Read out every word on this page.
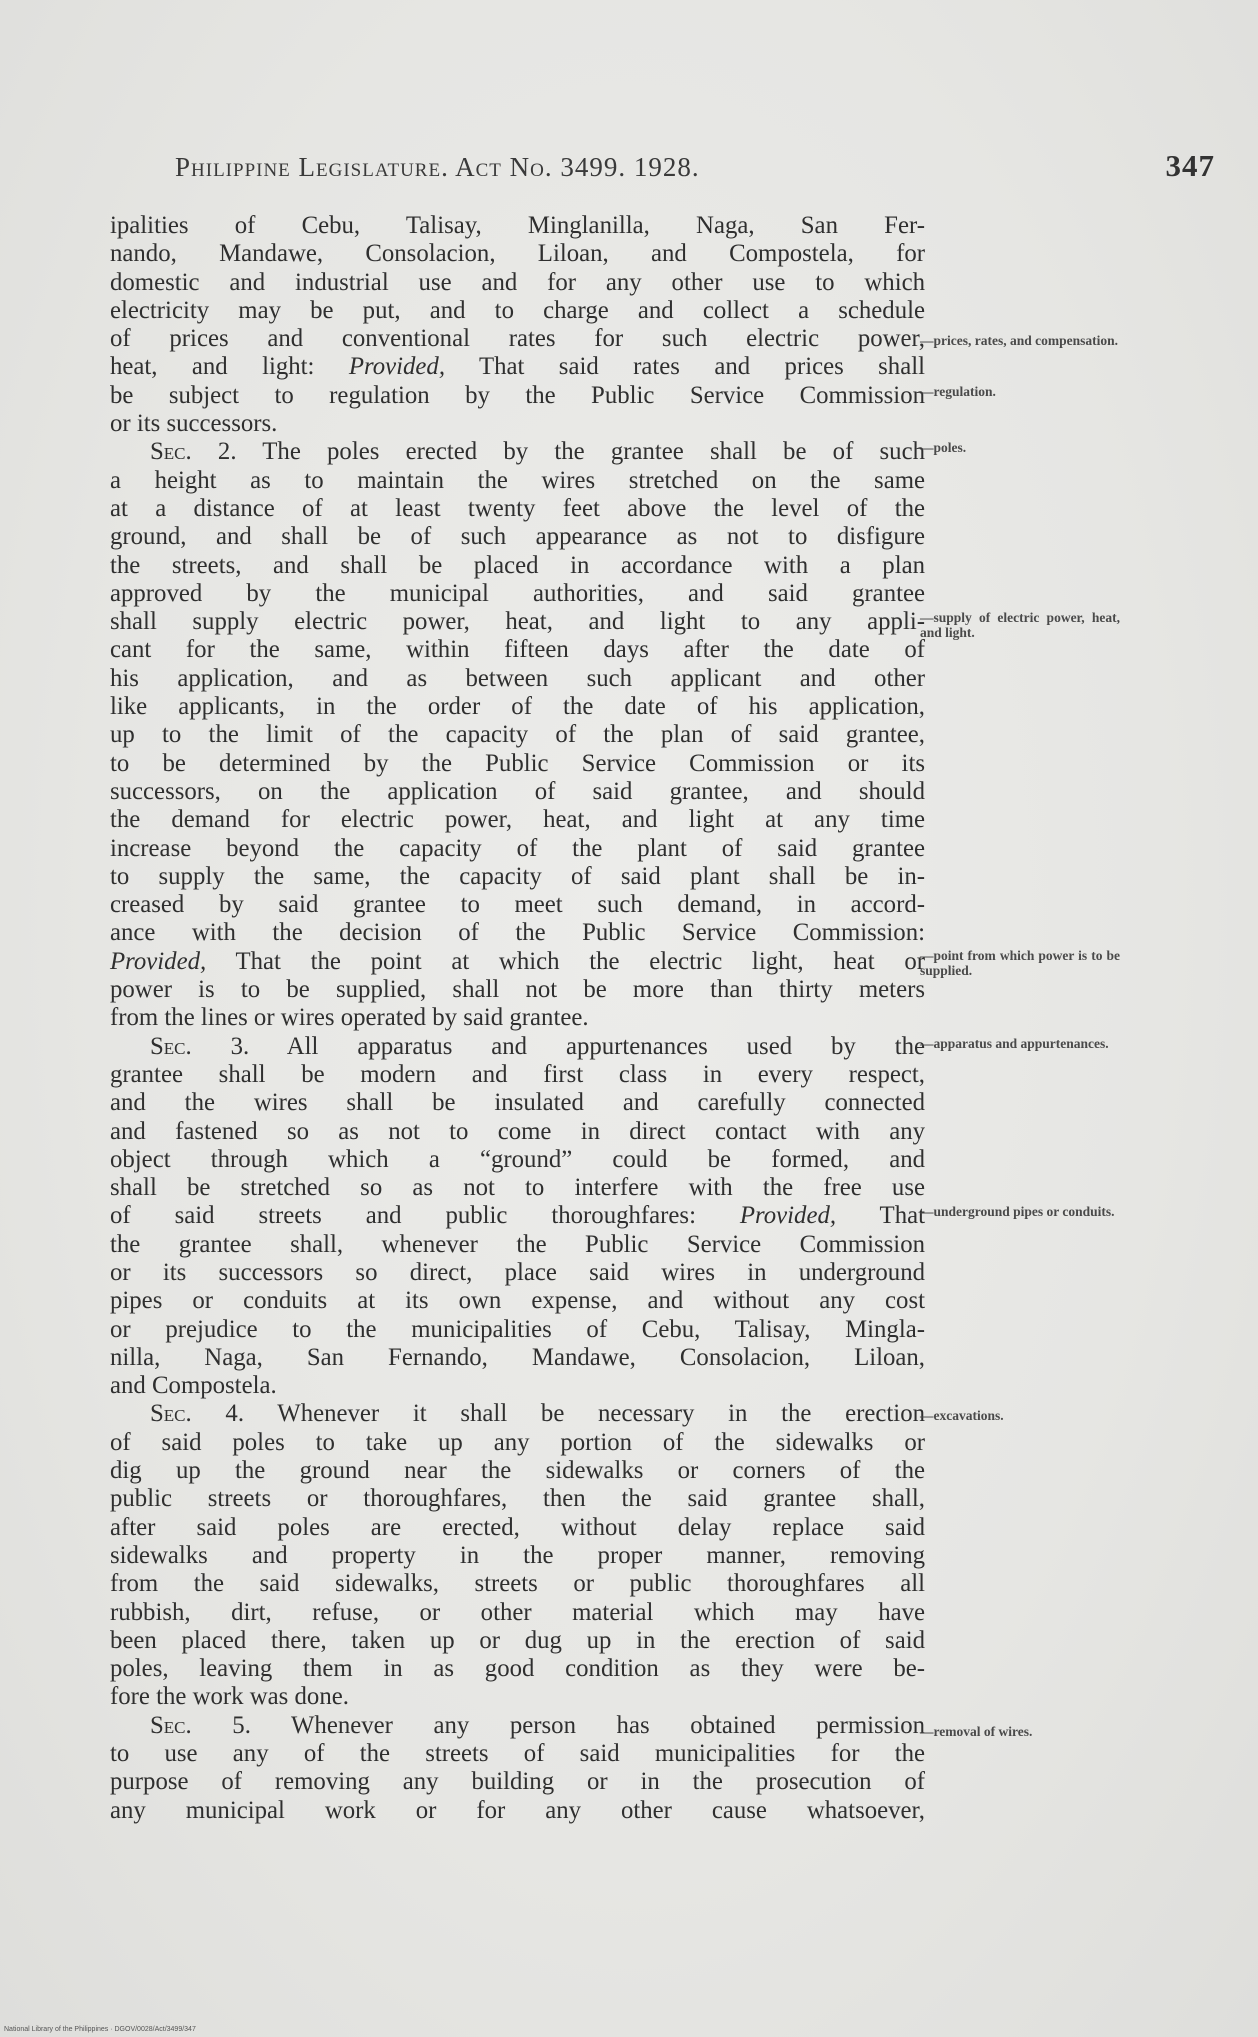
Philippine Legislature. Act No. 3499. 1928.	347
ipalities of Cebu, Talisay, Minglanilla, Naga, San Fer-
nando, Mandawe, Consolacion, Liloan, and Compostela, for
domestic and industrial use and for any other use to which
electricity may be put, and to charge and collect a schedule
of prices and conventional rates for such electric power,
heat, and light: Provided, That said rates and prices shall
be subject to regulation by the Public Service Commission
or its successors.
Sec. 2. The poles erected by the grantee shall be of such
a height as to maintain the wires stretched on the same
at a distance of at least twenty feet above the level of the
ground, and shall be of such appearance as not to disfigure
the streets, and shall be placed in accordance with a plan
approved by the municipal authorities, and said grantee
shall supply electric power, heat, and light to any appli-
cant for the same, within fifteen days after the date of
his application, and as between such applicant and other
like applicants, in the order of the date of his application,
up to the limit of the capacity of the plan of said grantee,
to be determined by the Public Service Commission or its
successors, on the application of said grantee, and should
the demand for electric power, heat, and light at any time
increase beyond the capacity of the plant of said grantee
to supply the same, the capacity of said plant shall be in-
creased by said grantee to meet such demand, in accord-
ance with the decision of the Public Service Commission:
Provided, That the point at which the electric light, heat or
power is to be supplied, shall not be more than thirty meters
from the lines or wires operated by said grantee.
Sec. 3. All apparatus and appurtenances used by the
grantee shall be modern and first class in every respect,
and the wires shall be insulated and carefully connected
and fastened so as not to come in direct contact with any
object through which a “ground” could be formed, and
shall be stretched so as not to interfere with the free use
of said streets and public thoroughfares: Provided, That
the grantee shall, whenever the Public Service Commission
or its successors so direct, place said wires in underground
pipes or conduits at its own expense, and without any cost
or prejudice to the municipalities of Cebu, Talisay, Mingla-
nilla, Naga, San Fernando, Mandawe, Consolacion, Liloan,
and Compostela.
Sec. 4. Whenever it shall be necessary in the erection
of said poles to take up any portion of the sidewalks or
dig up the ground near the sidewalks or corners of the
public streets or thoroughfares, then the said grantee shall,
after said poles are erected, without delay replace said
sidewalks and property in the proper manner, removing
from the said sidewalks, streets or public thoroughfares all
rubbish, dirt, refuse, or other material which may have
been placed there, taken up or dug up in the erection of said
poles, leaving them in as good condition as they were be-
fore the work was done.
Sec. 5. Whenever any person has obtained permission
to use any of the streets of said municipalities for the
purpose of removing any building or in the prosecution of
any municipal work or for any other cause whatsoever,
—prices, rates, and compensation.
—regulation.
—poles.
—supply of electric power, heat, and light.
—point from which power is to be supplied.
—apparatus and appurtenances.
—underground pipes or conduits.
—excavations.
—removal of wires.
National Library of the Philippines · DGOV/0028/Act/3499/347
